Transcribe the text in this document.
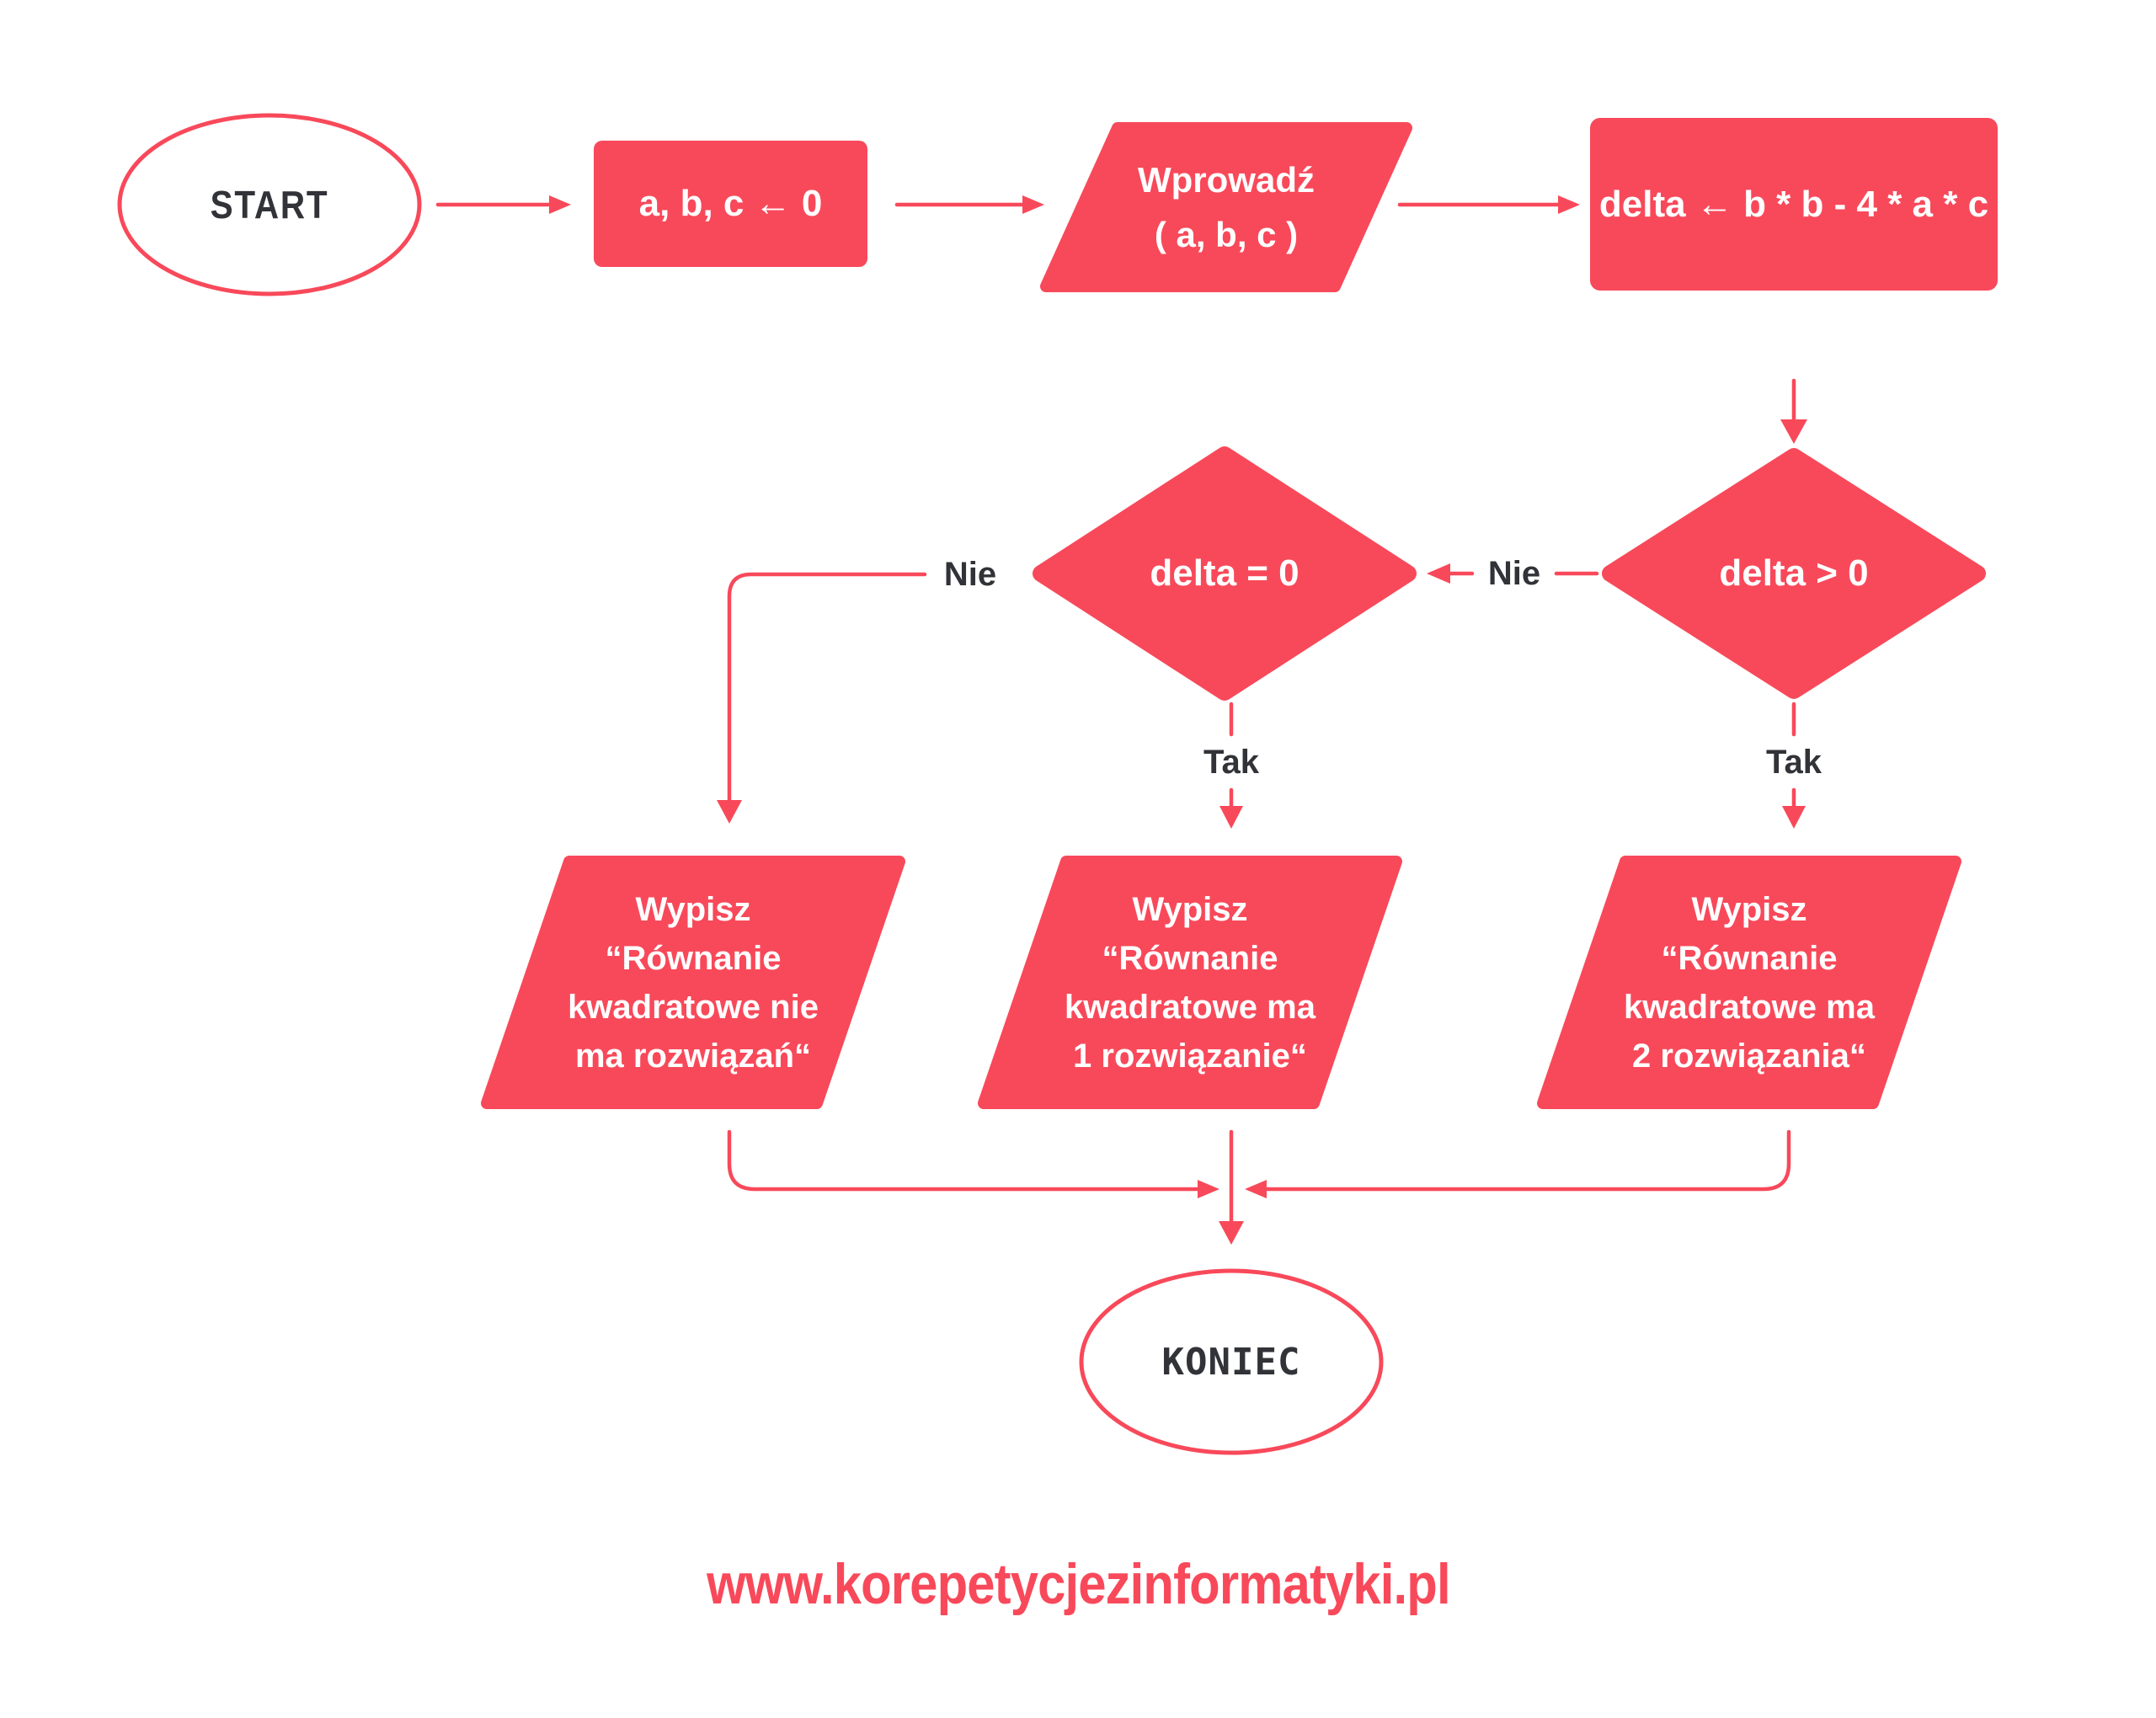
START	a, b, c ← 0
Wprowadź
( a, b, c )
delta ← b * b - 4 * a * c
delta > 0
delta = 0
Wypisz
“Równanie
kwadratowe nie
ma rozwiązań“
Wypisz
“Równanie
kwadratowe ma
1 rozwiązanie“
Wypisz
“Równanie
kwadratowe ma
2 rozwiązania“
KONIEC
Nie	Nie
Tak	Tak
www.korepetycjezinformatyki.pl
